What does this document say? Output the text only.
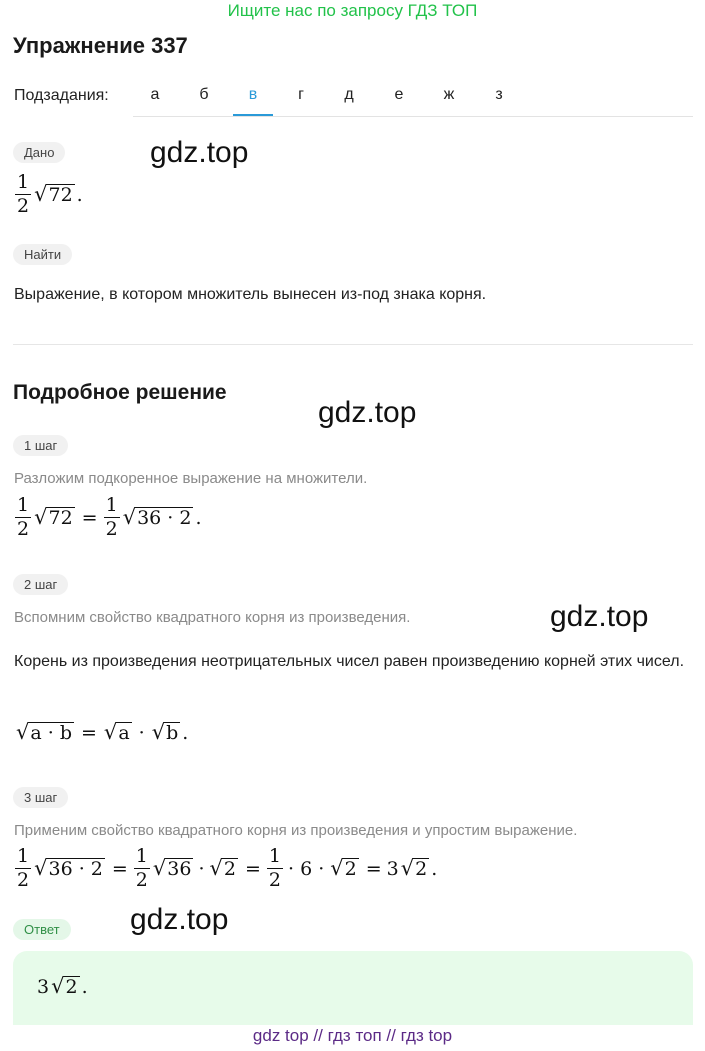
Ищите нас по запросу ГДЗ ТОП
Упражнение 337
Подзадания:	а	б	в	г	д	е	ж	з
Дано	gdz.top
$\frac{1}{2}$ √ 72 .
Найти
Выражение, в котором множитель вынесен из-под знака корня.
Подробное решение
gdz.top
1 шаг
Разложим подкоренное выражение на множители.
$\frac{1}{2}$ √ $72 = \frac{1}{2}$ √ 36 · 2 .
2 шаг
Вспомним свойство квадратного корня из произведения.	gdz.top
Корень из произведения неотрицательных чисел равен произведению корней этих чисел.
√ a · b = √ a · √ b .
3 шаг
Применим свойство квадратного корня из произведения и упростим выражение.
$\frac{1}{2}$ √ $36 \cdot 2 = \frac{1}{2}$ √ 36 · √ $2 = \frac{1}{2} \cdot 6$ · √ 2 = 3 √ 2 .
Ответ	gdz.top
3 √ 2 .
gdz top // гдз топ // гдз top
